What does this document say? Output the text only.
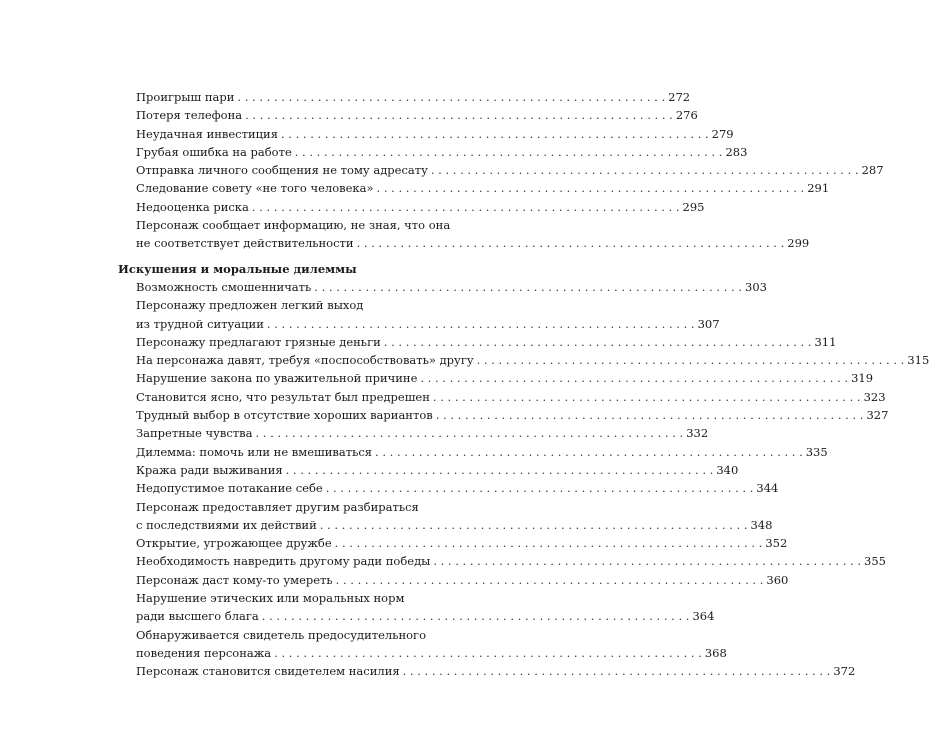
Проигрыш пари . . .	272
Потеря телефона . . .	276
Неудачная инвестиция . . .	279
Грубая ошибка на работе . . .	283
Отправка личного сообщения не тому адресату . . .	287
Следование совету «не того человека» . . .	291
Недооценка риска . . .	295
Персонаж сообщает информацию, не зная, что она
не соответствует действительности . . .	299
Искушения и моральные дилеммы
Возможность смошенничать . . .	303
Персонажу предложен легкий выход
из трудной ситуации . . .	307
Персонажу предлагают грязные деньги . . .	311
На персонажа давят, требуя «поспособствовать» другу . . .	315
Нарушение закона по уважительной причине . . .	319
Становится ясно, что результат был предрешен . . .	323
Трудный выбор в отсутствие хороших вариантов . . .	327
Запретные чувства . . .	332
Дилемма: помочь или не вмешиваться . . .	335
Кража ради выживания . . .	340
Недопустимое потакание себе . . .	344
Персонаж предоставляет другим разбираться
с последствиями их действий . . .	348
Открытие, угрожающее дружбе . . .	352
Необходимость навредить другому ради победы . . .	355
Персонаж даст кому-то умереть . . .	360
Нарушение этических или моральных норм
ради высшего блага . . .	364
Обнаруживается свидетель предосудительного
поведения персонажа . . .	368
Персонаж становится свидетелем насилия . . .	372
